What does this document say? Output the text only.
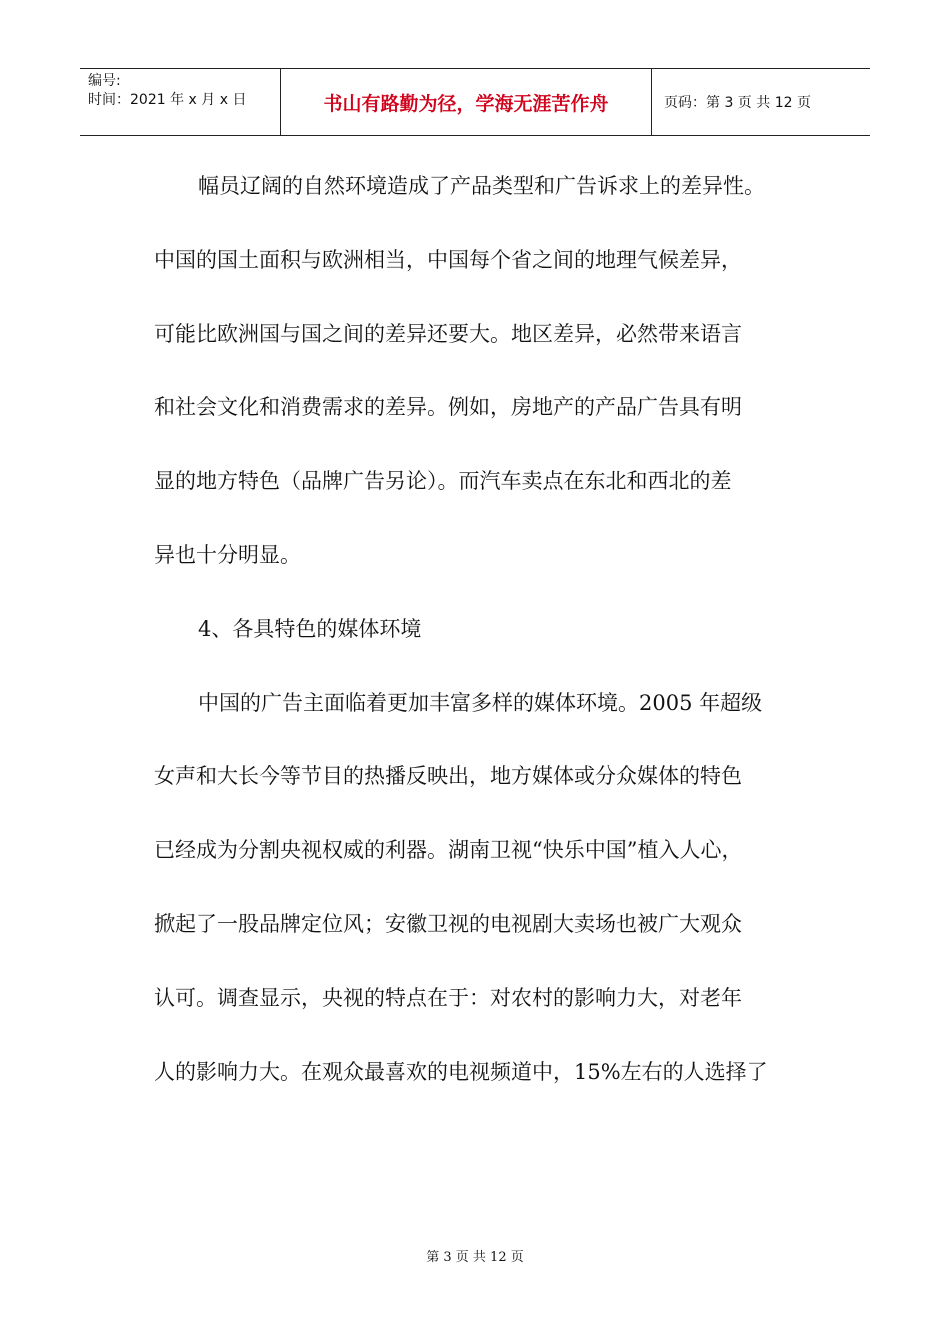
编号:
时间：2021 年 x 月 x 日	书山有路勤为径，学海无涯苦作舟	页码：第 3 页 共 12 页
幅员辽阔的自然环境造成了产品类型和广告诉求上的差异性。
中国的国土面积与欧洲相当，中国每个省之间的地理气候差异，
可能比欧洲国与国之间的差异还要大。地区差异，必然带来语言
和社会文化和消费需求的差异。例如，房地产的产品广告具有明
显的地方特色（品牌广告另论）。而汽车卖点在东北和西北的差
异也十分明显。
4、各具特色的媒体环境
中国的广告主面临着更加丰富多样的媒体环境。2005 年超级
女声和大长今等节目的热播反映出，地方媒体或分众媒体的特色
已经成为分割央视权威的利器。湖南卫视“快乐中国”植入人心，
掀起了一股品牌定位风；安徽卫视的电视剧大卖场也被广大观众
认可。调查显示，央视的特点在于：对农村的影响力大，对老年
人的影响力大。在观众最喜欢的电视频道中，15%左右的人选择了
第 3 页 共 12 页
